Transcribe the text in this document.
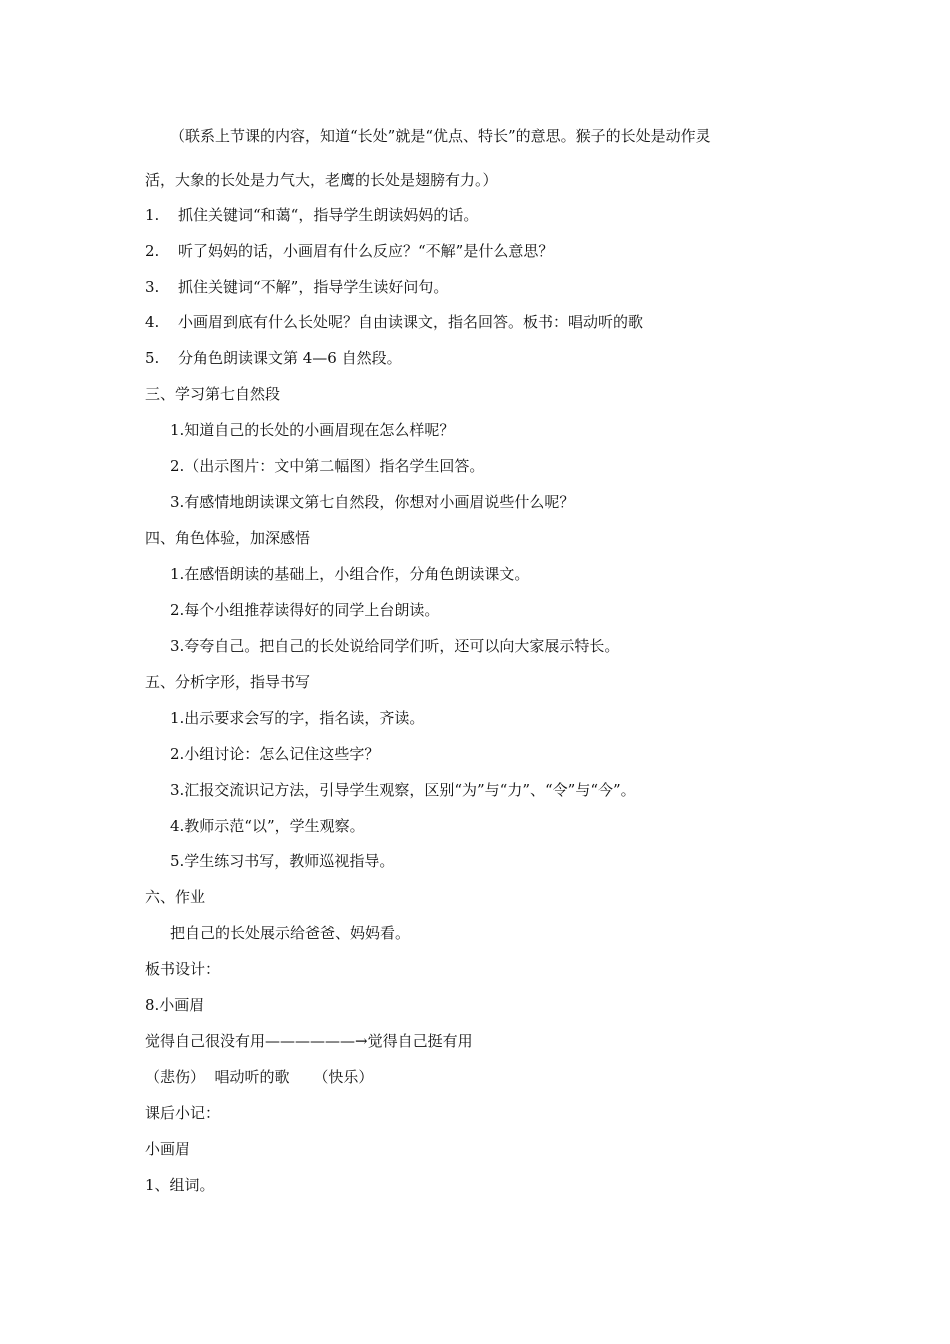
（联系上节课的内容，知道“长处”就是“优点、特长”的意思。猴子的长处是动作灵
活，大象的长处是力气大，老鹰的长处是翅膀有力。）
1. 抓住关键词“和蔼“，指导学生朗读妈妈的话。
2. 听了妈妈的话，小画眉有什么反应？“不解”是什么意思？
3. 抓住关键词“不解”，指导学生读好问句。
4. 小画眉到底有什么长处呢？自由读课文，指名回答。板书：唱动听的歌
5. 分角色朗读课文第 4—6 自然段。
三、学习第七自然段
1.知道自己的长处的小画眉现在怎么样呢？
2.（出示图片：文中第二幅图）指名学生回答。
3.有感情地朗读课文第七自然段，你想对小画眉说些什么呢？
四、角色体验，加深感悟
1.在感悟朗读的基础上，小组合作，分角色朗读课文。
2.每个小组推荐读得好的同学上台朗读。
3.夸夸自己。把自己的长处说给同学们听，还可以向大家展示特长。
五、分析字形，指导书写
1.出示要求会写的字，指名读，齐读。
2.小组讨论：怎么记住这些字？
3.汇报交流识记方法，引导学生观察，区别“为”与“力”、“令”与“今”。
4.教师示范“以”，学生观察。
5.学生练习书写，教师巡视指导。
六、作业
把自己的长处展示给爸爸、妈妈看。
板书设计：
8.小画眉
觉得自己很没有用——————→觉得自己挺有用
（悲伤）  唱动听的歌     （快乐）
课后小记：
小画眉
1、组词。
